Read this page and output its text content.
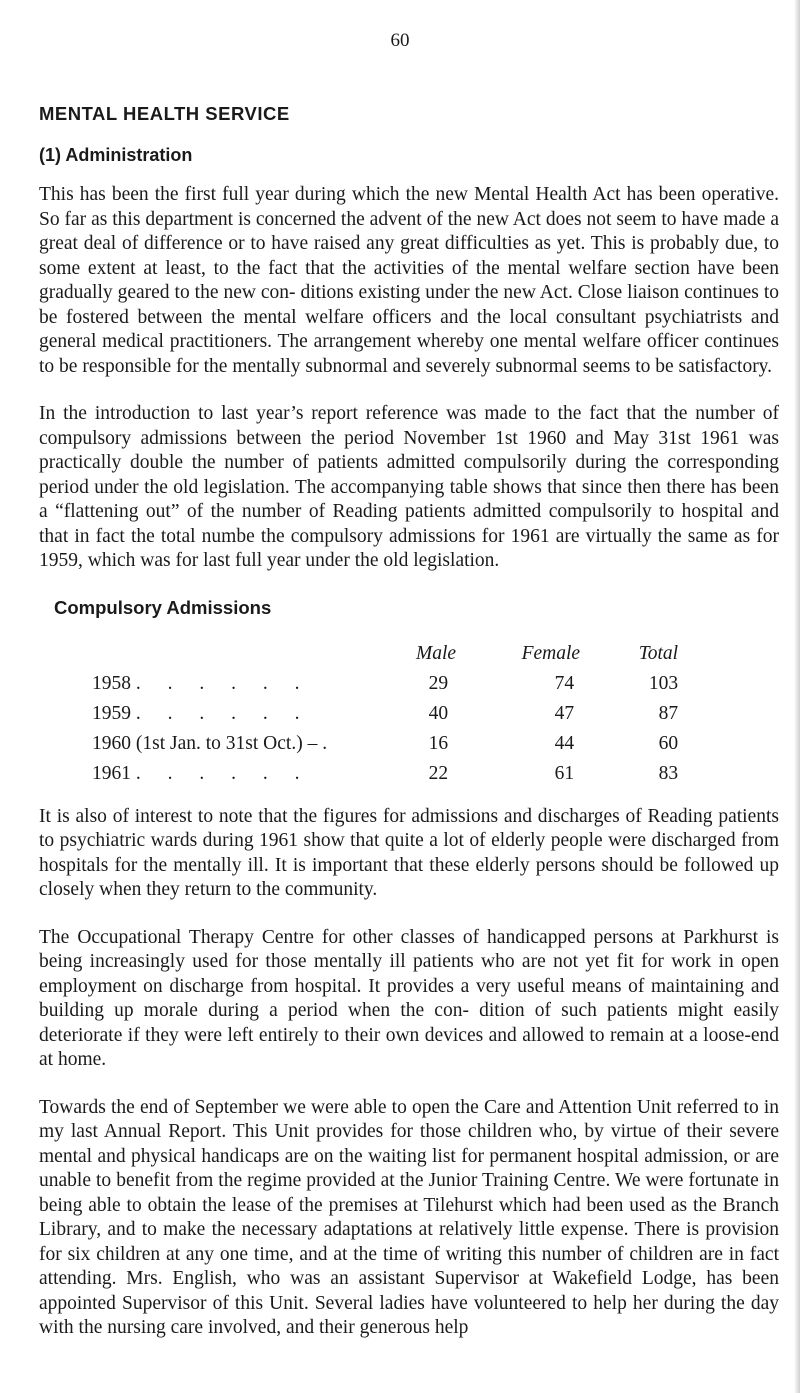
60
MENTAL HEALTH SERVICE
(1) Administration

This has been the first full year during which the new Mental Health Act has been operative. So far as this department is concerned the advent of the new Act does not seem to have made a great deal of difference or to have raised any great difficulties as yet. This is probably due, to some extent at least, to the fact that the activities of the mental welfare section have been gradually geared to the new con- ditions existing under the new Act. Close liaison continues to be fostered between the mental welfare officers and the local consultant psychiatrists and general medical practitioners. The arrangement whereby one mental welfare officer continues to be responsible for the mentally subnormal and severely subnormal seems to be satisfactory.

In the introduction to last year’s report reference was made to the fact that the number of compulsory admissions between the period November 1st 1960 and May 31st 1961 was practically double the number of patients admitted compulsorily during the corresponding period under the old legislation. The accompanying table shows that since then there has been a “flattening out” of the number of Reading patients admitted compulsorily to hospital and that in fact the total numbe the compulsory admissions for 1961 are virtually the same as for 1959, which was for last full year under the old legislation.

Compulsory Admissions
	Male	Female	Total
1958 . . . . . .	29	74	103
1959 . . . . . .	40	47	87
1960 (1st Jan. to 31st Oct.) – .	16	44	60
1961 . . . . . .	22	61	83

It is also of interest to note that the figures for admissions and discharges of Reading patients to psychiatric wards during 1961 show that quite a lot of elderly people were discharged from hospitals for the mentally ill. It is important that these elderly persons should be followed up closely when they return to the community.

The Occupational Therapy Centre for other classes of handicapped persons at Parkhurst is being increasingly used for those mentally ill patients who are not yet fit for work in open employment on discharge from hospital. It provides a very useful means of maintaining and building up morale during a period when the con- dition of such patients might easily deteriorate if they were left entirely to their own devices and allowed to remain at a loose-end at home.

Towards the end of September we were able to open the Care and Attention Unit referred to in my last Annual Report. This Unit provides for those children who, by virtue of their severe mental and physical handicaps are on the waiting list for permanent hospital admission, or are unable to benefit from the regime provided at the Junior Training Centre. We were fortunate in being able to obtain the lease of the premises at Tilehurst which had been used as the Branch Library, and to make the necessary adaptations at relatively little expense. There is provision for six children at any one time, and at the time of writing this number of children are in fact attending. Mrs. English, who was an assistant Supervisor at Wakefield Lodge, has been appointed Supervisor of this Unit. Several ladies have volunteered to help her during the day with the nursing care involved, and their generous help
